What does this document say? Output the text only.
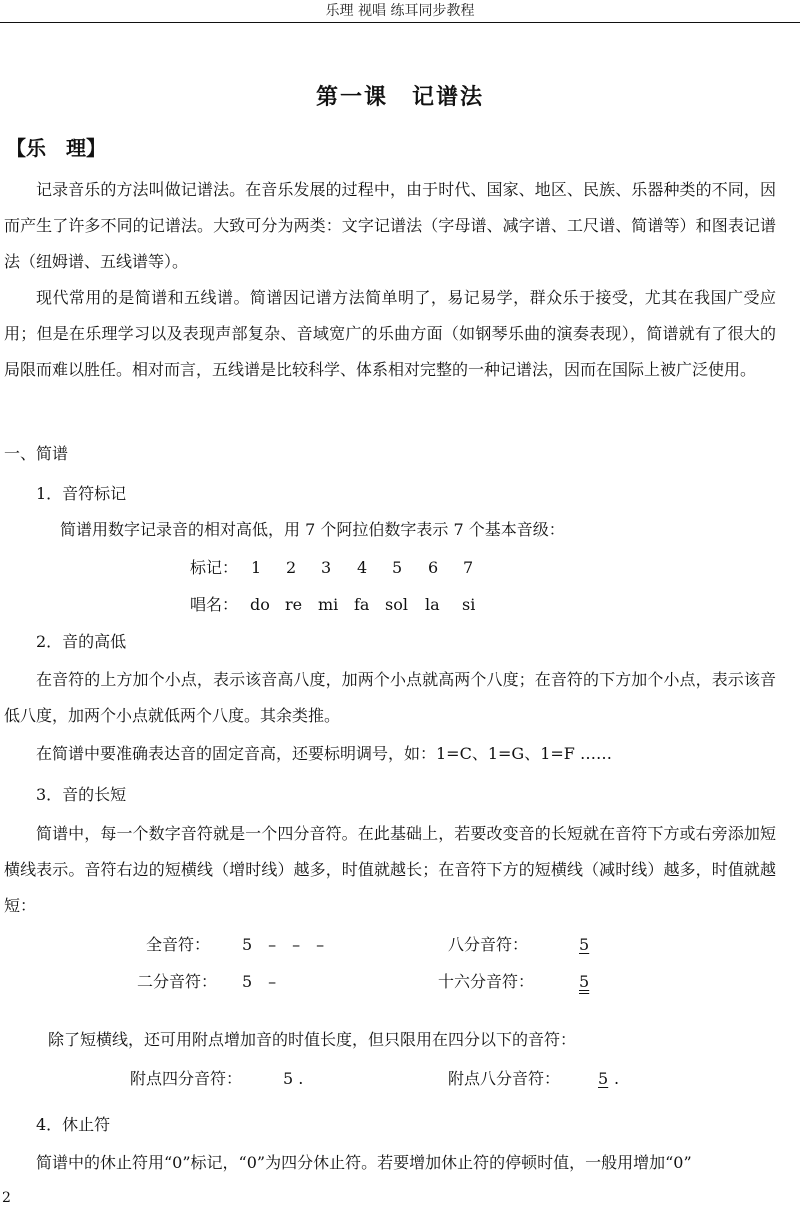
乐理 视唱 练耳同步教程
第一课　记谱法
【乐　理】
记录音乐的方法叫做记谱法。在音乐发展的过程中，由于时代、国家、地区、民族、乐器种类的不同，因而产生了许多不同的记谱法。大致可分为两类：文字记谱法（字母谱、减字谱、工尺谱、简谱等）和图表记谱法（纽姆谱、五线谱等）。
现代常用的是简谱和五线谱。简谱因记谱方法简单明了，易记易学，群众乐于接受，尤其在我国广受应用；但是在乐理学习以及表现声部复杂、音域宽广的乐曲方面（如钢琴乐曲的演奏表现），简谱就有了很大的局限而难以胜任。相对而言，五线谱是比较科学、体系相对完整的一种记谱法，因而在国际上被广泛使用。
一、简谱
1．音符标记
简谱用数字记录音的相对高低，用 7 个阿拉伯数字表示 7 个基本音级：
标记： 1 2 3 4 5 6 7
唱名： do re mi fa sol la si
2．音的高低
在音符的上方加个小点，表示该音高八度，加两个小点就高两个八度；在音符的下方加个小点，表示该音低八度，加两个小点就低两个八度。其余类推。
在简谱中要准确表达音的固定音高，还要标明调号，如：1=C、1=G、1=F ……
3．音的长短
简谱中，每一个数字音符就是一个四分音符。在此基础上，若要改变音的长短就在音符下方或右旁添加短横线表示。音符右边的短横线（增时线）越多，时值就越长；在音符下方的短横线（减时线）越多，时值就越短：
全音符： 5　–　–　–	八分音符：	5
二分音符： 5　–	十六分音符：	5
除了短横线，还可用附点增加音的时值长度，但只限用在四分以下的音符：
附点四分音符：	5 .	附点八分音符： 5 .
4．休止符
简谱中的休止符用“0”标记，“0”为四分休止符。若要增加休止符的停顿时值，一般用增加“0”
2
